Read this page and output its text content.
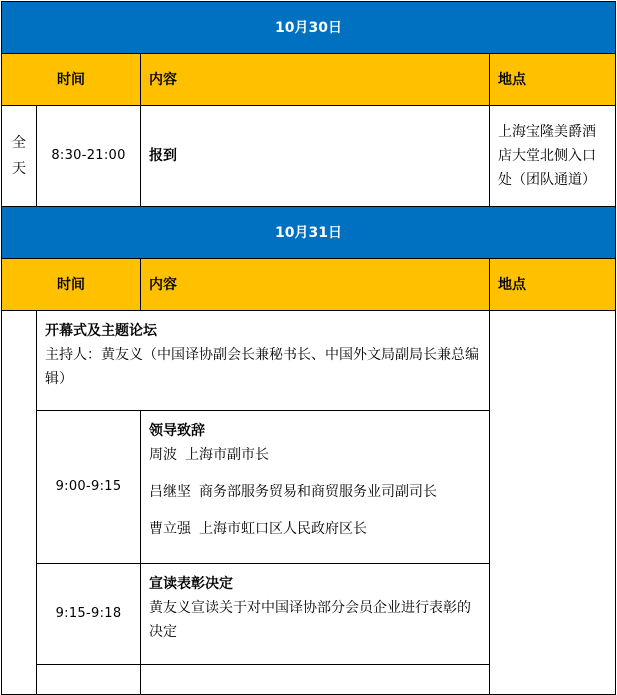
10月30日			
时间		内容	地点
全天	8:30-21:00	报到	上海宝隆美爵酒店大堂北侧入口处（团队通道）
10月31日			
时间		内容	地点

	开幕式及主题论坛
主持人：黄友义（中国译协副会长兼秘书长、中国外文局副局长兼总编辑）		

	9:00-9:15	领导致辞
周波 上海市副市长
吕继坚 商务部服务贸易和商贸服务业司副司长
曹立强 上海市虹口区人民政府区长	

	9:15-9:18	宣读表彰决定
黄友义宣读关于对中国译协部分会员企业进行表彰的决定	
